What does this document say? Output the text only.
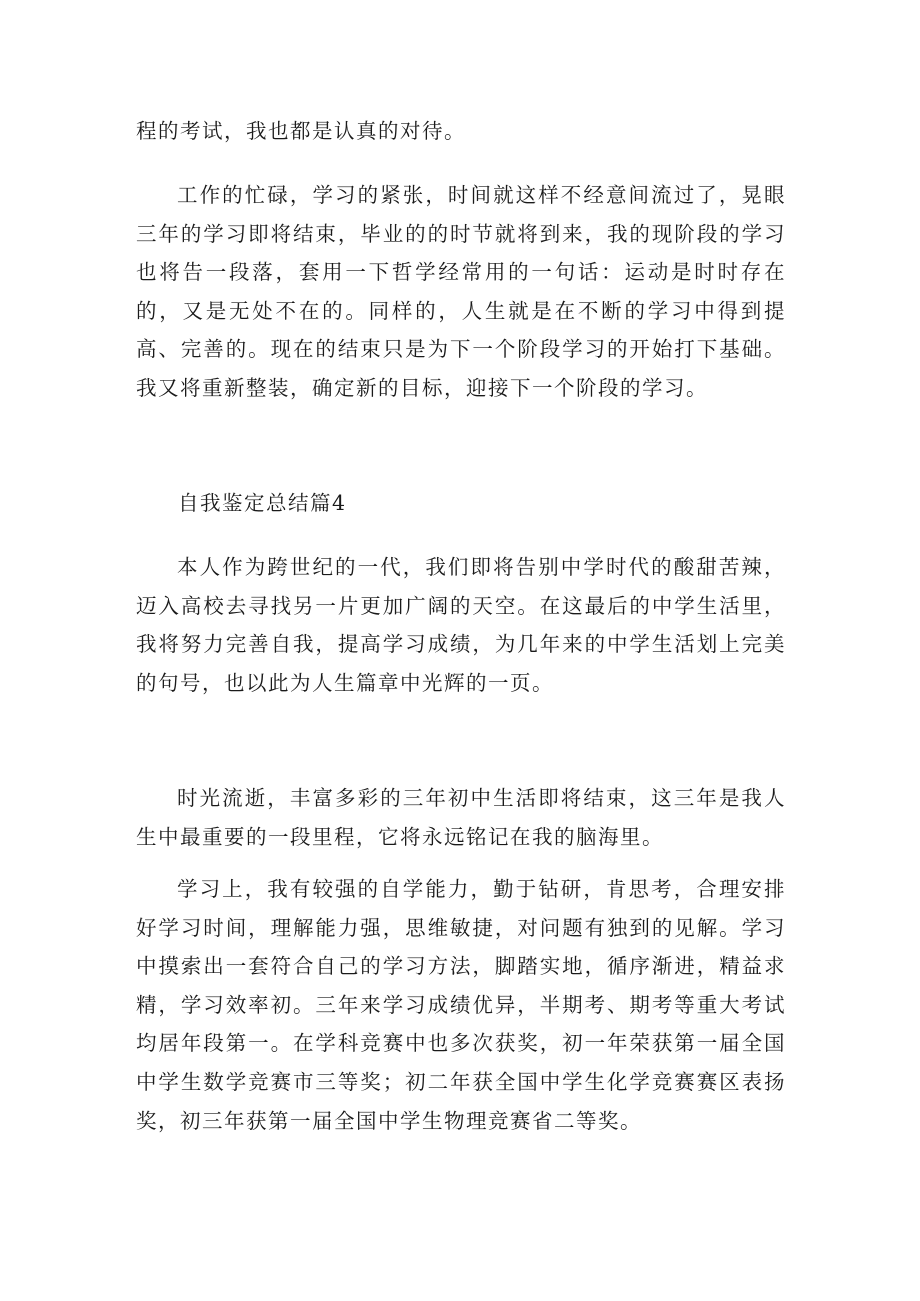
程的考试，我也都是认真的对待。

工作的忙碌，学习的紧张，时间就这样不经意间流过了，晃眼三年的学习即将结束，毕业的的时节就将到来，我的现阶段的学习也将告一段落，套用一下哲学经常用的一句话：运动是时时存在的，又是无处不在的。同样的，人生就是在不断的学习中得到提高、完善的。现在的结束只是为下一个阶段学习的开始打下基础。我又将重新整装，确定新的目标，迎接下一个阶段的学习。

自我鉴定总结篇4

本人作为跨世纪的一代，我们即将告别中学时代的酸甜苦辣，迈入高校去寻找另一片更加广阔的天空。在这最后的中学生活里，我将努力完善自我，提高学习成绩，为几年来的中学生活划上完美的句号，也以此为人生篇章中光辉的一页。

时光流逝，丰富多彩的三年初中生活即将结束，这三年是我人生中最重要的一段里程，它将永远铭记在我的脑海里。

学习上，我有较强的自学能力，勤于钻研，肯思考，合理安排好学习时间，理解能力强，思维敏捷，对问题有独到的见解。学习中摸索出一套符合自己的学习方法，脚踏实地，循序渐进，精益求精，学习效率初。三年来学习成绩优异，半期考、期考等重大考试均居年段第一。在学科竞赛中也多次获奖，初一年荣获第一届全国中学生数学竞赛市三等奖；初二年获全国中学生化学竞赛赛区表扬奖，初三年获第一届全国中学生物理竞赛省二等奖。
